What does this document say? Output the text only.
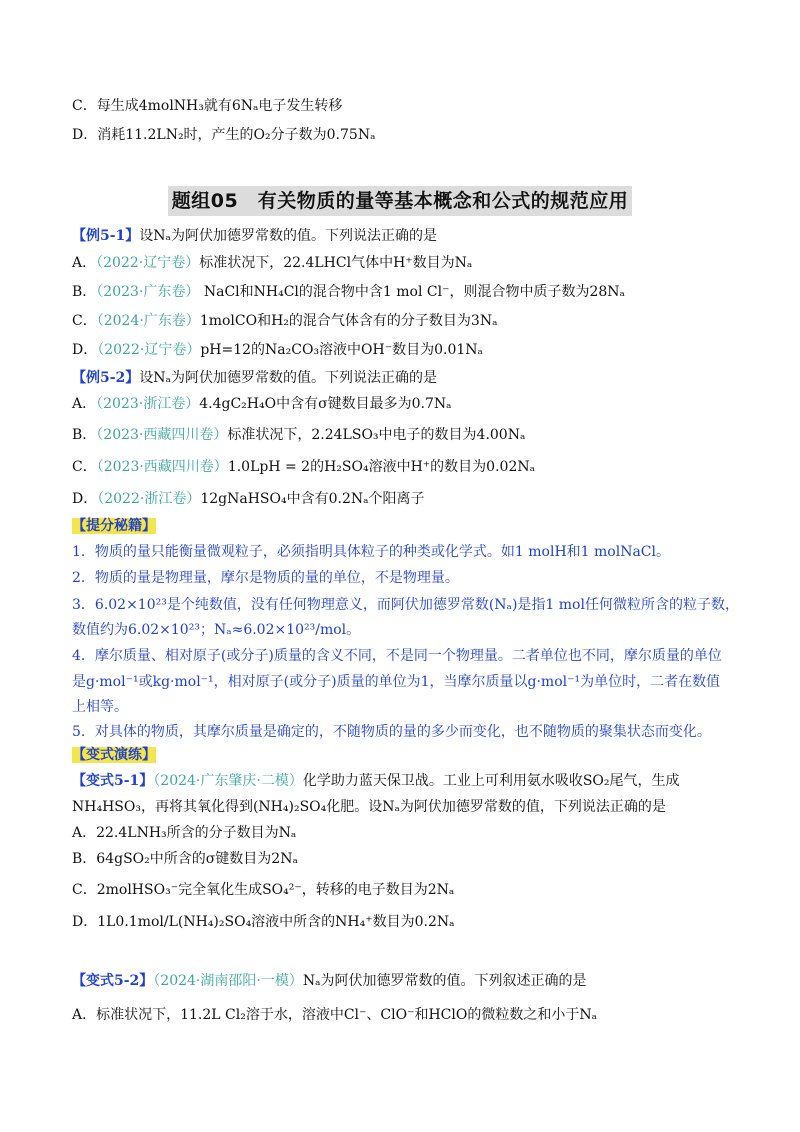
C．每生成4molNH₃就有6Nₐ电子发生转移
D．消耗11.2LN₂时，产生的O₂分子数为0.75Nₐ
题组05　有关物质的量等基本概念和公式的规范应用
【例5-1】设Nₐ为阿伏加德罗常数的值。下列说法正确的是
A．（2022·辽宁卷）标准状况下，22.4LHCl气体中H⁺数目为Nₐ
B．（2023·广东卷） NaCl和NH₄Cl的混合物中含1 mol Cl⁻，则混合物中质子数为28Nₐ
C．（2024·广东卷）1molCO和H₂的混合气体含有的分子数目为3Nₐ
D．（2022·辽宁卷）pH=12的Na₂CO₃溶液中OH⁻数目为0.01Nₐ
【例5-2】设Nₐ为阿伏加德罗常数的值。下列说法正确的是
A．（2023·浙江卷）4.4gC₂H₄O中含有σ键数目最多为0.7Nₐ
B．（2023·西藏四川卷）标准状况下，2.24LSO₃中电子的数目为4.00Nₐ
C．（2023·西藏四川卷）1.0LpH = 2的H₂SO₄溶液中H⁺的数目为0.02Nₐ
D．（2022·浙江卷）12gNaHSO₄中含有0.2Nₐ个阳离子
【提分秘籍】
1．物质的量只能衡量微观粒子，必须指明具体粒子的种类或化学式。如1 molH和1 molNaCl。
2．物质的量是物理量，摩尔是物质的量的单位，不是物理量。
3．6.02×10²³是个纯数值，没有任何物理意义，而阿伏加德罗常数(Nₐ)是指1 mol任何微粒所含的粒子数，
数值约为6.02×10²³；Nₐ≈6.02×10²³/mol。
4．摩尔质量、相对原子(或分子)质量的含义不同，不是同一个物理量。二者单位也不同，摩尔质量的单位
是g·mol⁻¹或kg·mol⁻¹，相对原子(或分子)质量的单位为1，当摩尔质量以g·mol⁻¹为单位时，二者在数值
上相等。
5．对具体的物质，其摩尔质量是确定的，不随物质的量的多少而变化，也不随物质的聚集状态而变化。
【变式演练】
【变式5-1】（2024·广东肇庆·二模）化学助力蓝天保卫战。工业上可利用氨水吸收SO₂尾气，生成
NH₄HSO₃，再将其氧化得到(NH₄)₂SO₄化肥。设Nₐ为阿伏加德罗常数的值，下列说法正确的是
A．22.4LNH₃所含的分子数目为Nₐ
B．64gSO₂中所含的σ键数目为2Nₐ
C．2molHSO₃⁻完全氧化生成SO₄²⁻，转移的电子数目为2Nₐ
D．1L0.1mol/L(NH₄)₂SO₄溶液中所含的NH₄⁺数目为0.2Nₐ
【变式5-2】（2024·湖南邵阳·一模）Nₐ为阿伏加德罗常数的值。下列叙述正确的是
A．标准状况下，11.2L Cl₂溶于水，溶液中Cl⁻、ClO⁻和HClO的微粒数之和小于Nₐ
